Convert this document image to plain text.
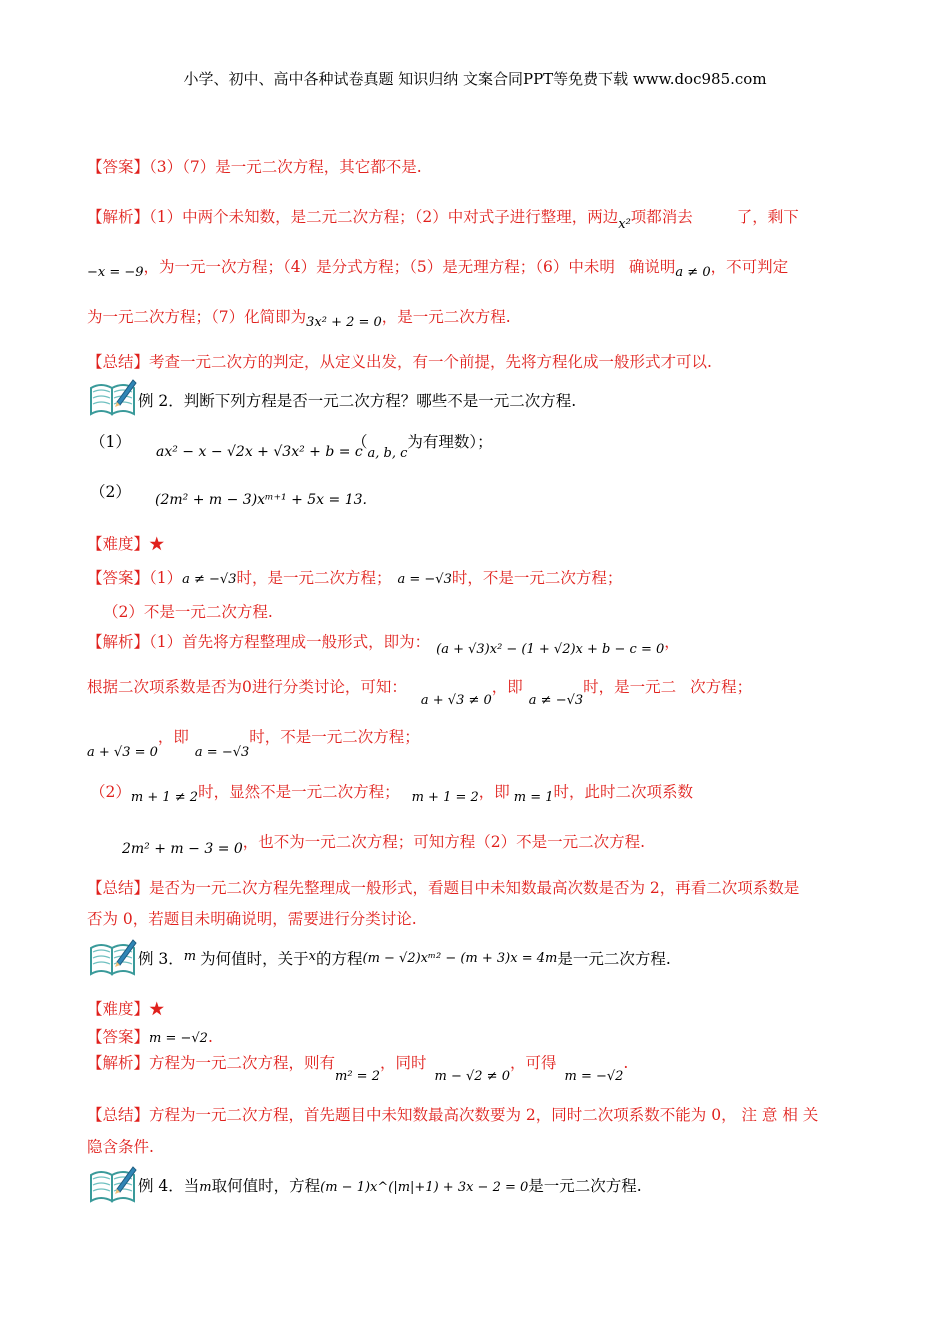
小学、初中、高中各种试卷真题 知识归纳 文案合同PPT等免费下载 www.doc985.com
【答案】（3）（7）是一元二次方程，其它都不是.
【解析】（1）中两个未知数，是二元二次方程；（2）中对式子进行整理，两边$_{x^2}$项都消去	了，剩下
$_{-x = -9}$，为一元一次方程；（4）是分式方程；（5）是无理方程；（6）中未明 确说明$_{a \ne 0}$，不可判定
为一元二次方程；（7）化简即为$_{3x^2 + 2 = 0}$，是一元二次方程.
【总结】考查一元二次方的判定，从定义出发，有一个前提，先将方程化成一般形式才可以.
例 2．判断下列方程是否一元二次方程？哪些不是一元二次方程.
（1）
ax² − x − √2x + √3x² + b = c
（$_{a, b, c}$为有理数）；
（2） (2m² + m − 3)xᵐ⁺¹ + 5x = 13.
【难度】★
【答案】（1）a ≠ −√3时，是一元二次方程； a = −√3时，不是一元二次方程；
（2）不是一元二次方程.
【解析】（1）首先将方程整理成一般形式，即为： $_{(a + √3)x^2 - (1 + √2)x + b - c = 0}$，
根据二次项系数是否为0进行分类讨论，可知：$_{a + √3 \ne 0}$，即$_{a \ne -√3}$时，是一元二 次方程；
$_{a + √3 = 0}$，即$_{a = -√3}$时，不是一元二次方程；
$(2)_{m + 1 \ne 2}$时，显然不是一元二次方程； $_{m + 1 = 2}$，即 $_{m = 1}$时，此时二次项系数
2m² + m − 3 = 0，也不为一元二次方程；可知方程（2）不是一元二次方程.
【总结】是否为一元二次方程先整理成一般形式，看题目中未知数最高次数是否为 2，再看二次项系数是
否为 0，若题目未明确说明，需要进行分类讨论.
例 3．$^m$ 为何值时，关于$^x$的方程(m − √2)xᵐ² − (m + 3)x = 4m是一元二次方程.
【难度】★
【答案】m = −√2.
【解析】方程为一元二次方程，则有$_{m^2 = 2}$，同时$_{m - √2 \ne 0}$，可得$_{m = -√2}$.
【总结】方程为一元二次方程，首先题目中未知数最高次数要为 2，同时二次项系数不能为 0， 注 意 相 关
隐含条件.
例 4．当m取何值时，方程(m − 1)x^(|m|+1) + 3x − 2 = 0是一元二次方程.
